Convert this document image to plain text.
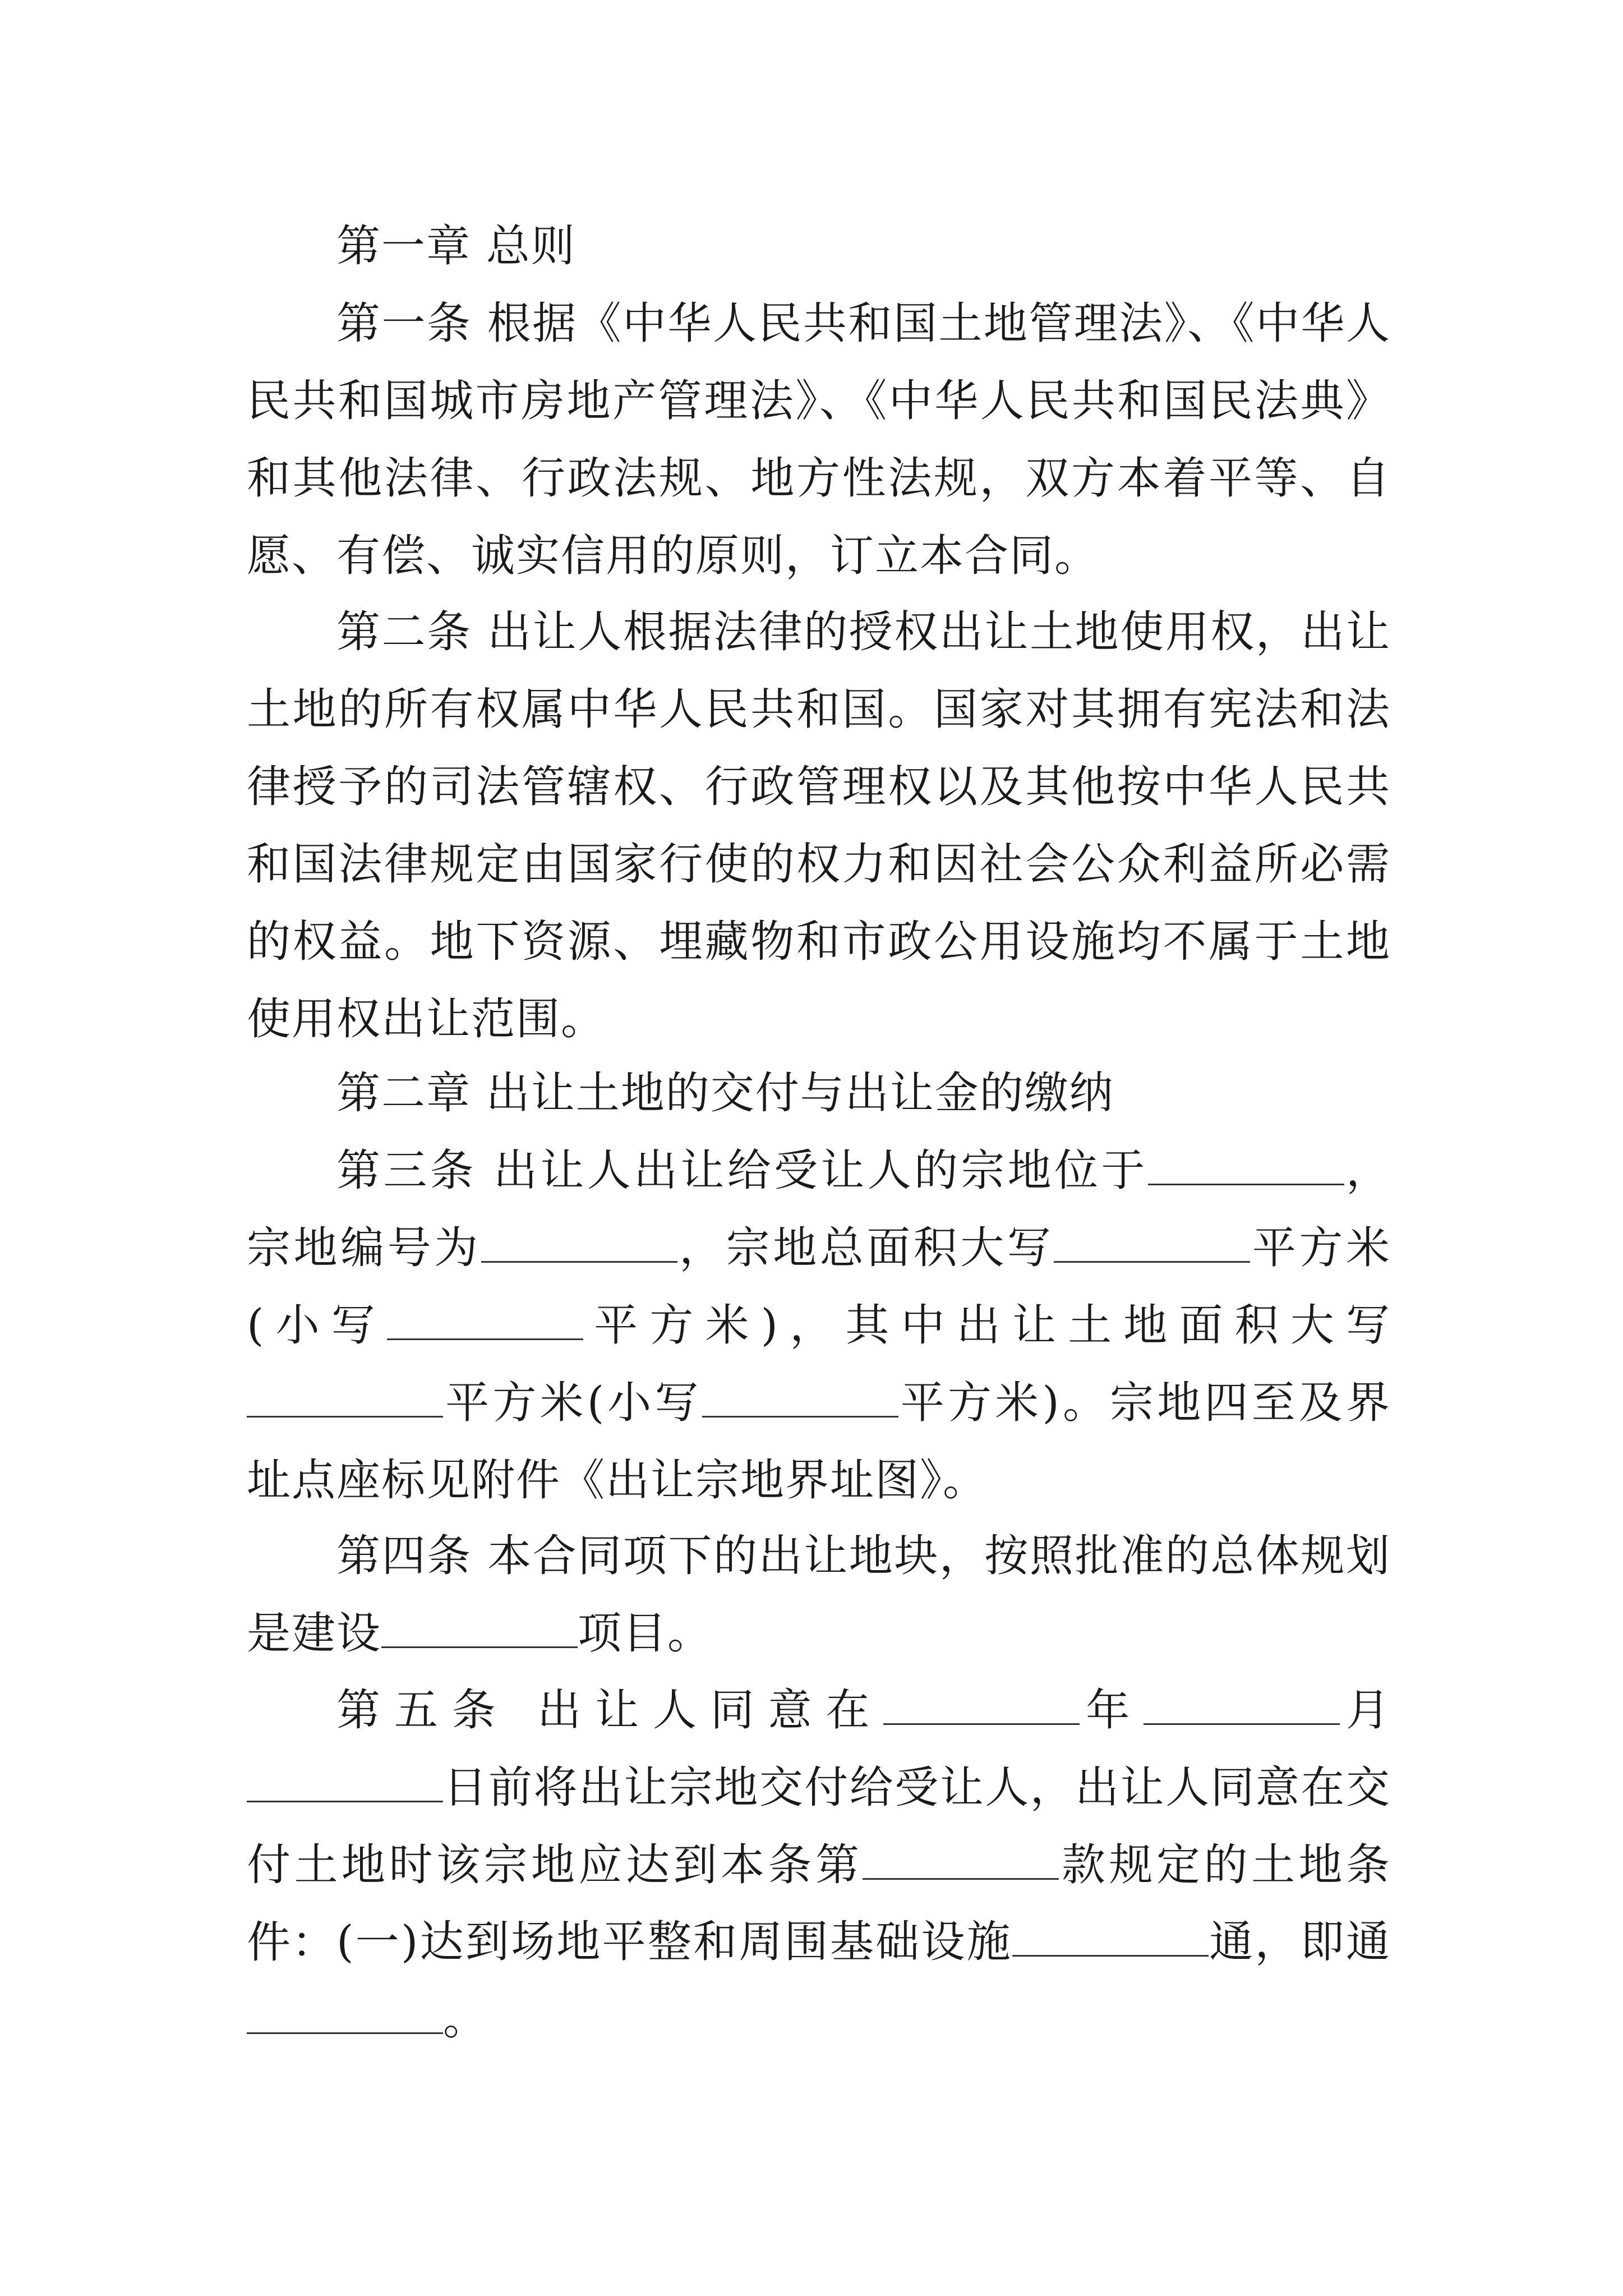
第一章 总则

第一条 根据《中华人民共和国土地管理法》、《中华人民共和国城市房地产管理法》、《中华人民共和国民法典》和其他法律、行政法规、地方性法规，双方本着平等、自愿、有偿、诚实信用的原则，订立本合同。

第二条 出让人根据法律的授权出让土地使用权，出让土地的所有权属中华人民共和国。国家对其拥有宪法和法律授予的司法管辖权、行政管理权以及其他按中华人民共和国法律规定由国家行使的权力和因社会公众利益所必需的权益。地下资源、埋藏物和市政公用设施均不属于土地使用权出让范围。

第二章 出让土地的交付与出让金的缴纳

第三条 出让人出让给受让人的宗地位于	，宗地编号为	，宗地总面积大写	平方米(小写	平方米)，其中出让土地面积大写平方米(小写	平方米)。宗地四至及界址点座标见附件《出让宗地界址图》。

第四条 本合同项下的出让地块，按照批准的总体规划是建设	项目。

第五条 出让人同意在	年	月日前将出让宗地交付给受让人，出让人同意在交付土地时该宗地应达到本条第	款规定的土地条件： (一)达到场地平整和周围基础设施	通，即通。
